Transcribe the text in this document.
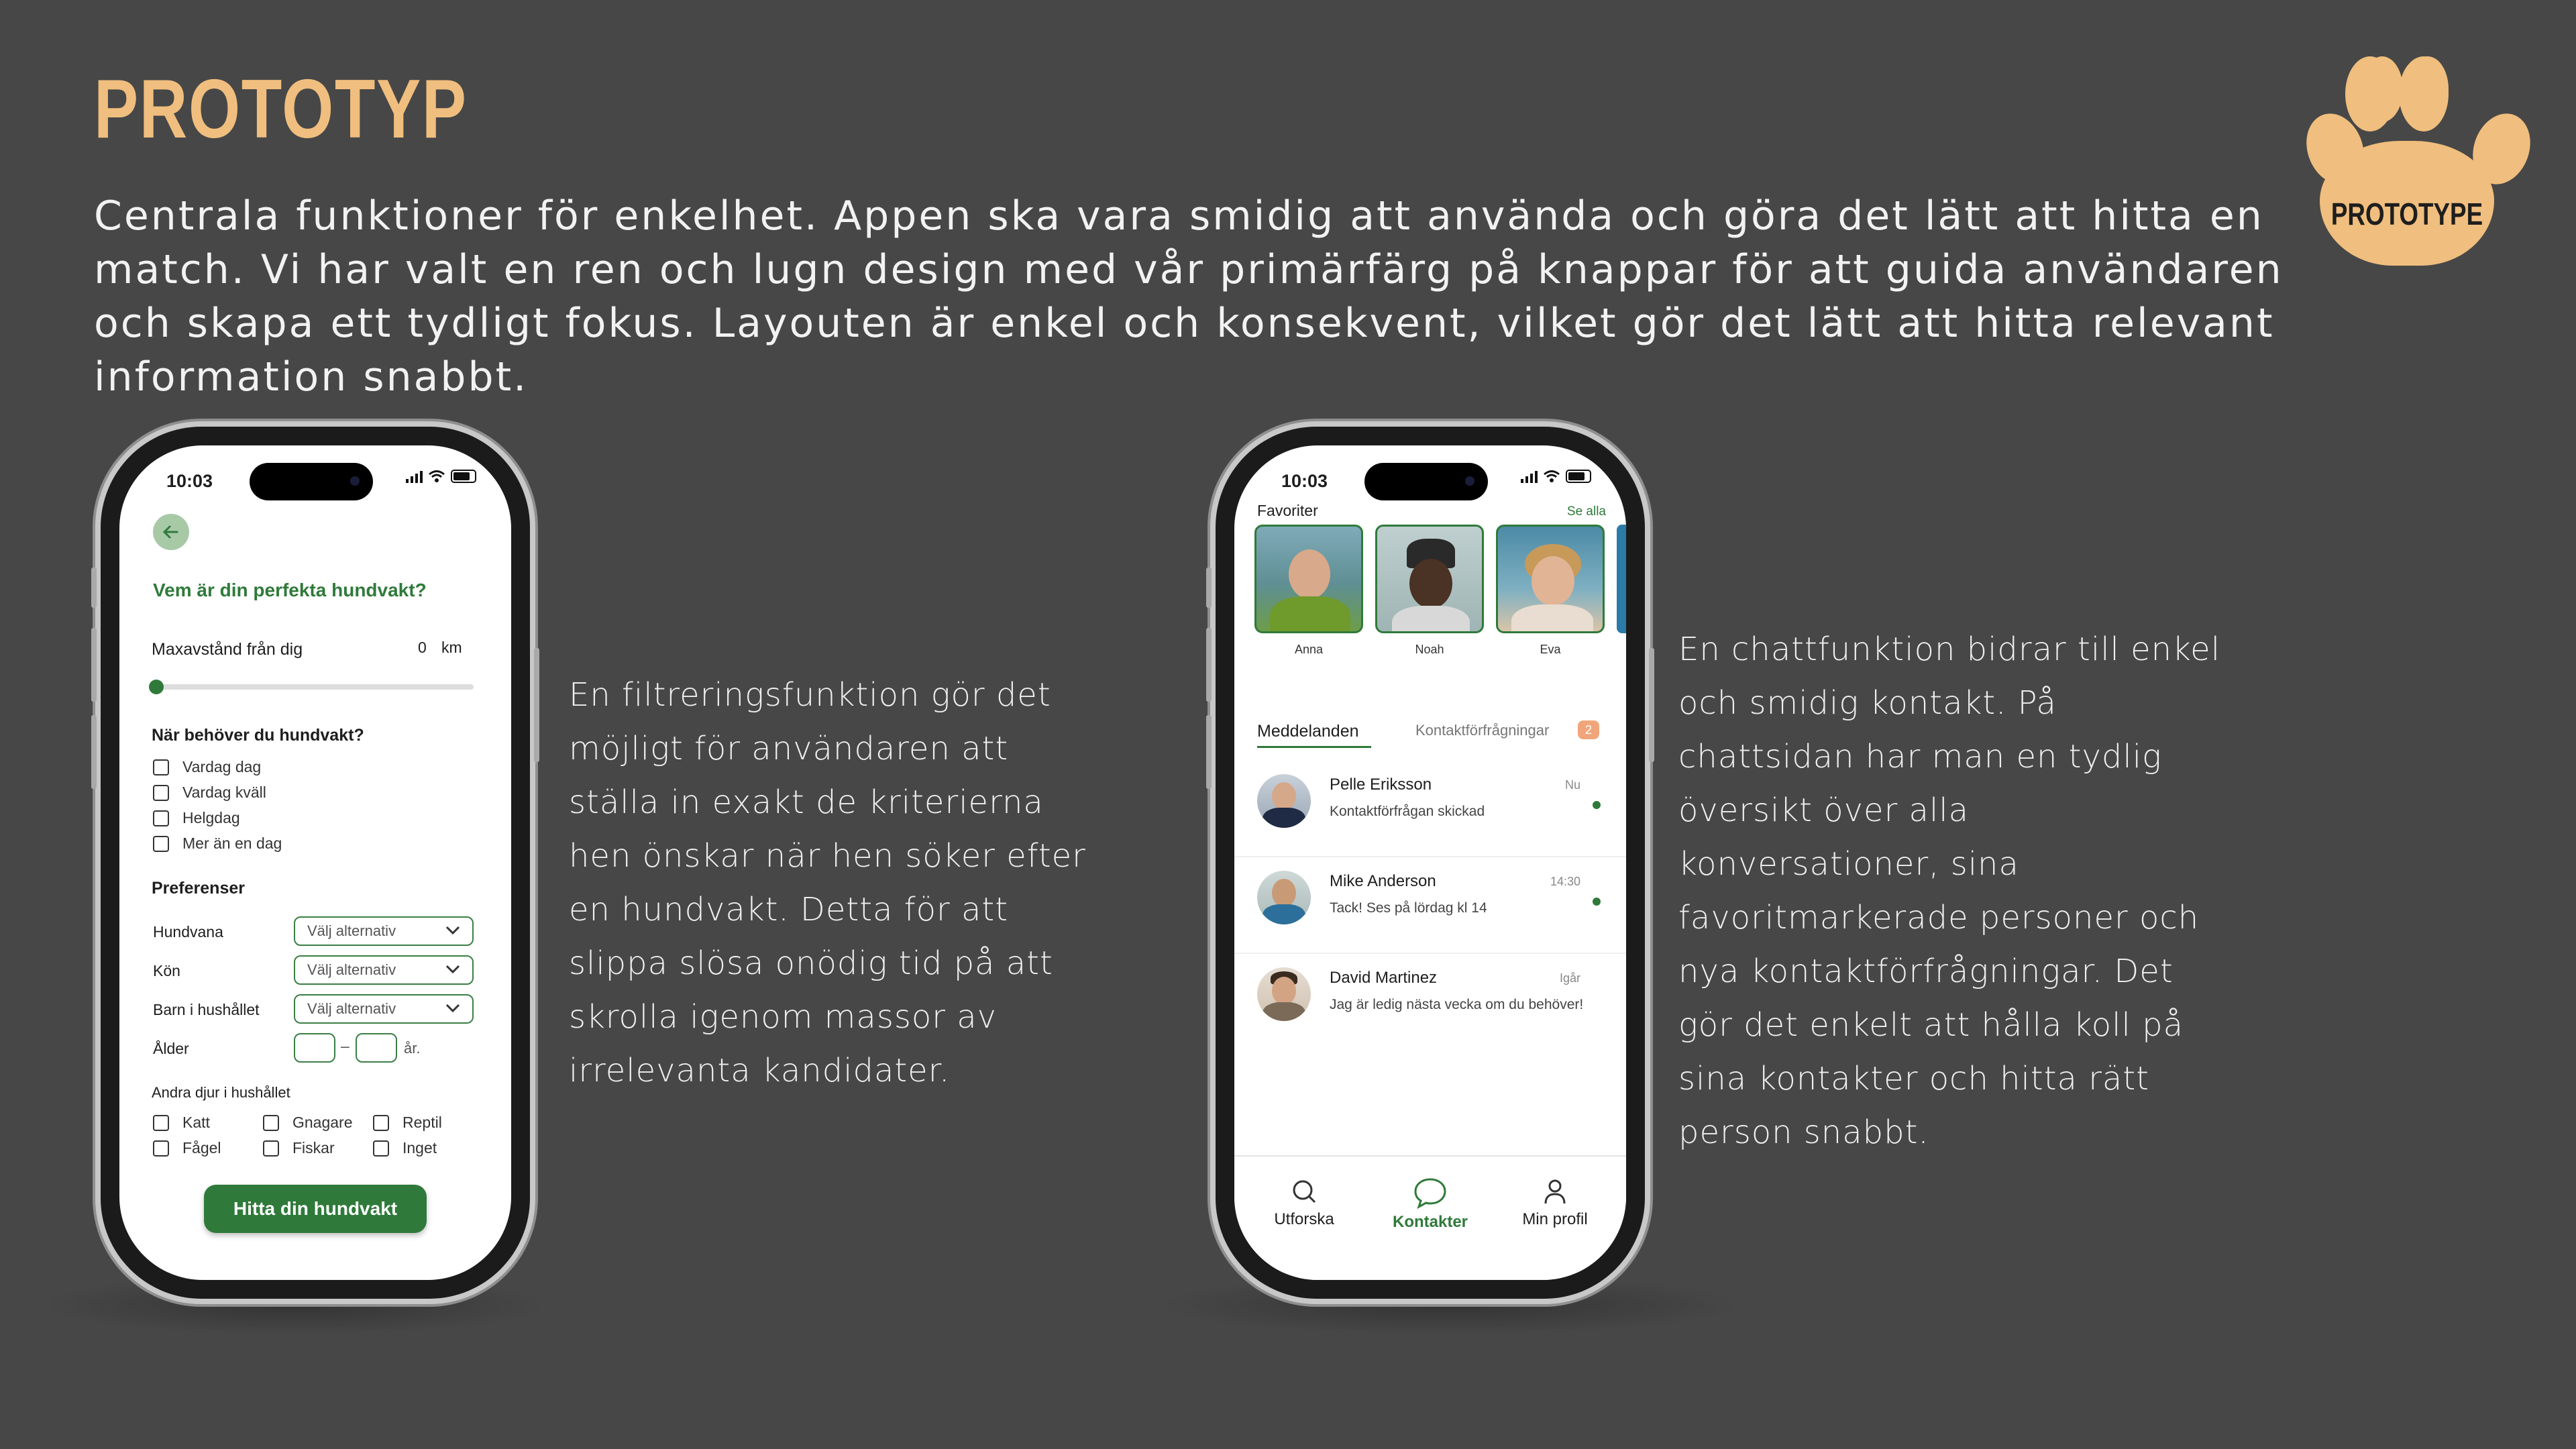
PROTOTYP

Centrala funktioner för enkelhet. Appen ska vara smidig att använda och göra det lätt att hitta en match. Vi har valt en ren och lugn design med vår primärfärg på knappar för att guida användaren och skapa ett tydligt fokus. Layouten är enkel och konsekvent, vilket gör det lätt att hitta relevant information snabbt.

PROTOTYPE

En filtreringsfunktion gör det möjligt för användaren att ställa in exakt de kriterierna hen önskar när hen söker efter en hundvakt. Detta för att slippa slösa onödig tid på att skrolla igenom massor av irrelevanta kandidater.

En chattfunktion bidrar till enkel och smidig kontakt. På chattsidan har man en tydlig översikt över alla konversationer, sina favoritmarkerade personer och nya kontaktförfrågningar. Det gör det enkelt att hålla koll på sina kontakter och hitta rätt person snabbt.

10:03
Vem är din perfekta hundvakt?
Maxavstånd från dig	0 km
När behöver du hundvakt?
Vardag dag
Vardag kväll
Helgdag
Mer än en dag
Preferenser
Hundvana	Välj alternativ
Kön	Välj alternativ
Barn i hushållet	Välj alternativ
Ålder	–	år.
Andra djur i hushållet
Katt	Gnagare	Reptil
Fågel	Fiskar	Inget
Hitta din hundvakt
10:03
Favoriter	Se alla
Anna	Noah	Eva
Meddelanden	Kontaktförfrågningar	2
Pelle Eriksson
Kontaktförfrågan skickad
Nu
Mike Anderson
Tack! Ses på lördag kl 14
14:30
David Martinez
Jag är ledig nästa vecka om du behöver!
Igår
Utforska	Kontakter	Min profil
